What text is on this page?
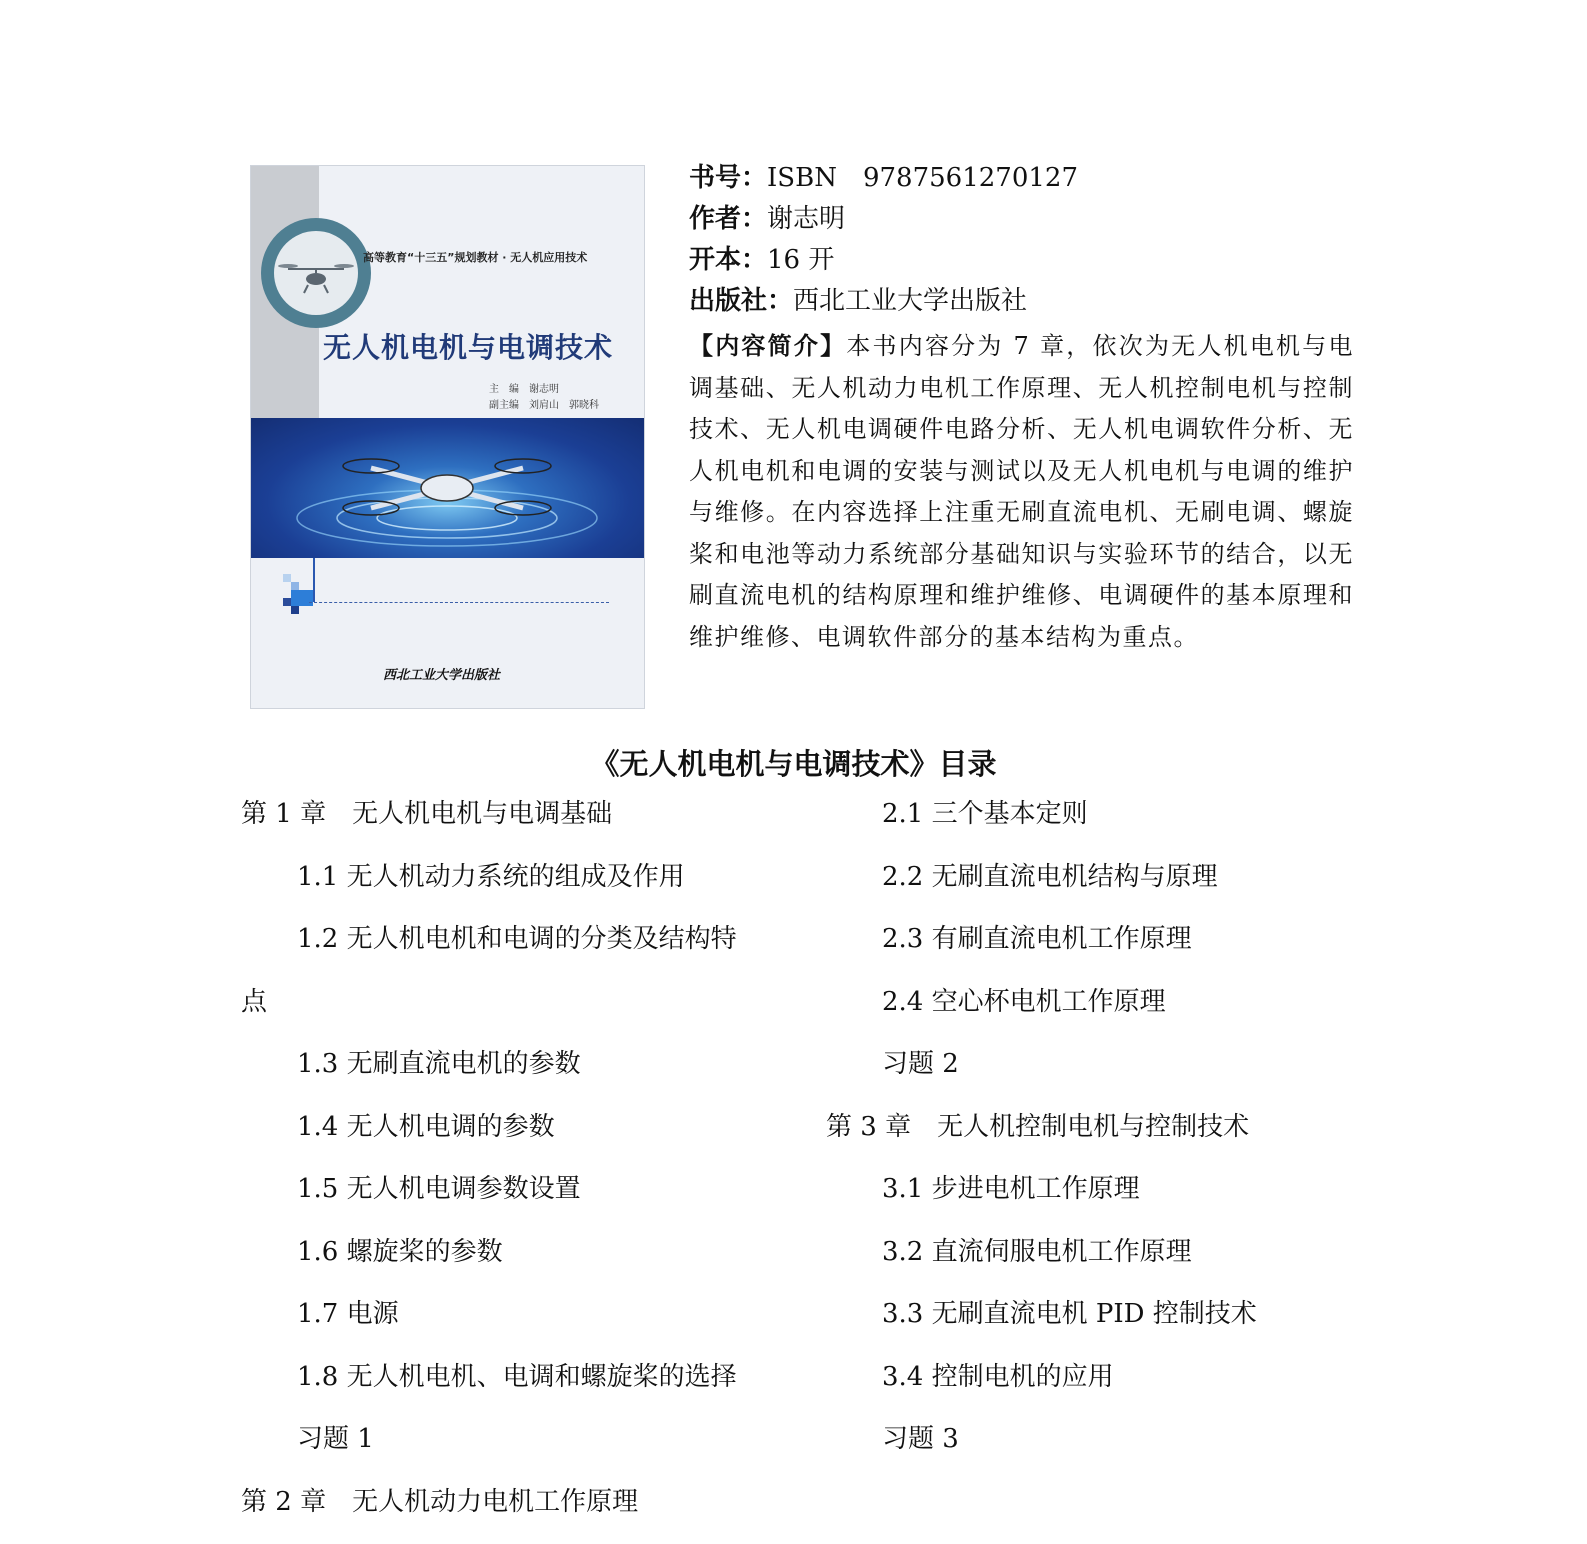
高等教育“十三五”规划教材 · 无人机应用技术
无人机电机与电调技术
主　编　谢志明
副主编　刘肩山　郭晓科
西北工业大学出版社
书号：ISBN　9787561270127
作者：谢志明
开本：16 开
出版社：西北工业大学出版社
【内容简介】本书内容分为 7 章，依次为无人机电机与电调基础、无人机动力电机工作原理、无人机控制电机与控制技术、无人机电调硬件电路分析、无人机电调软件分析、无人机电机和电调的安装与测试以及无人机电机与电调的维护与维修。在内容选择上注重无刷直流电机、无刷电调、螺旋桨和电池等动力系统部分基础知识与实验环节的结合，以无刷直流电机的结构原理和维护维修、电调硬件的基本原理和维护维修、电调软件部分的基本结构为重点。
《无人机电机与电调技术》目录
第 1 章　无人机电机与电调基础
1.1 无人机动力系统的组成及作用
1.2 无人机电机和电调的分类及结构特
点
1.3 无刷直流电机的参数
1.4 无人机电调的参数
1.5 无人机电调参数设置
1.6 螺旋桨的参数
1.7 电源
1.8 无人机电机、电调和螺旋桨的选择
习题 1
第 2 章　无人机动力电机工作原理
2.1 三个基本定则
2.2 无刷直流电机结构与原理
2.3 有刷直流电机工作原理
2.4 空心杯电机工作原理
习题 2
第 3 章　无人机控制电机与控制技术
3.1 步进电机工作原理
3.2 直流伺服电机工作原理
3.3 无刷直流电机 PID 控制技术
3.4 控制电机的应用
习题 3
